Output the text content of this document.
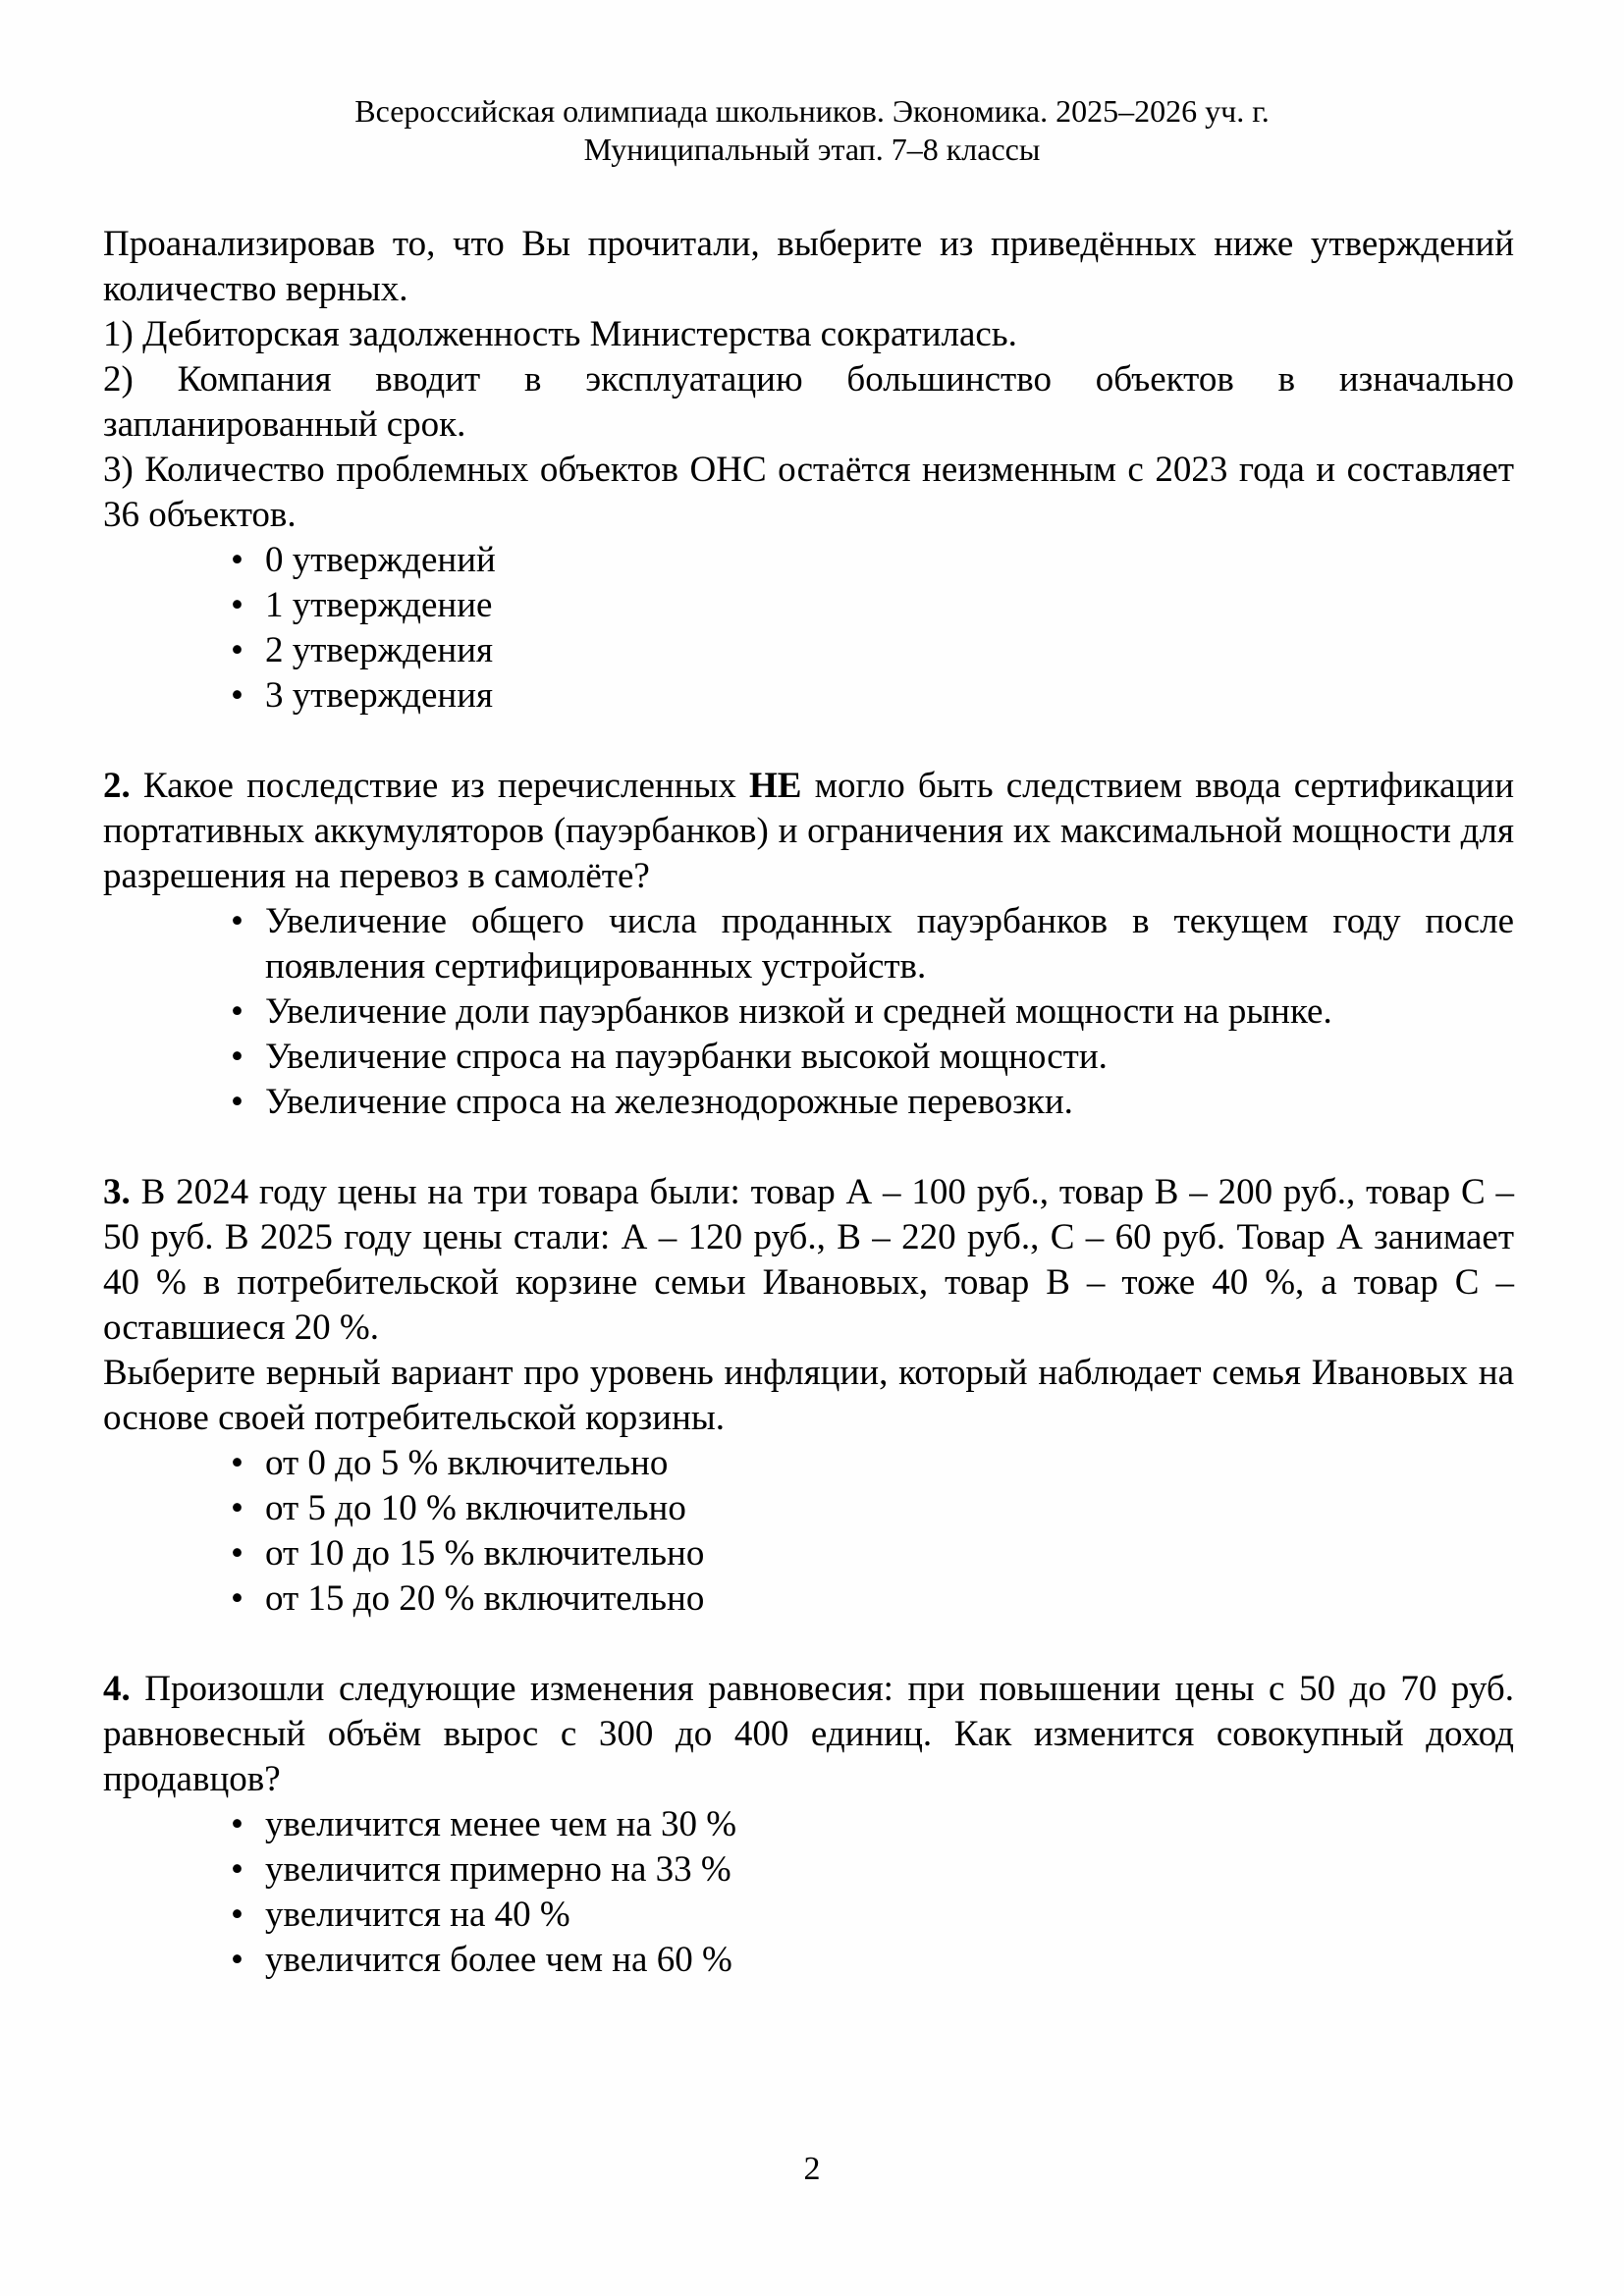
Всероссийская олимпиада школьников. Экономика. 2025–2026 уч. г.
Муниципальный этап. 7–8 классы

Проанализировав то, что Вы прочитали, выберите из приведённых ниже утверждений количество верных.

1) Дебиторская задолженность Министерства сократилась.

2) Компания вводит в эксплуатацию большинство объектов в изначально запланированный срок.

3) Количество проблемных объектов ОНС остаётся неизменным с 2023 года и составляет 36 объектов.

• 0 утверждений
• 1 утверждение
• 2 утверждения
• 3 утверждения

2. Какое последствие из перечисленных НЕ могло быть следствием ввода сертификации портативных аккумуляторов (пауэрбанков) и ограничения их максимальной мощности для разрешения на перевоз в самолёте?

• Увеличение общего числа проданных пауэрбанков в текущем году после появления сертифицированных устройств.
• Увеличение доли пауэрбанков низкой и средней мощности на рынке.
• Увеличение спроса на пауэрбанки высокой мощности.
• Увеличение спроса на железнодорожные перевозки.

3. В 2024 году цены на три товара были: товар А – 100 руб., товар В – 200 руб., товар С – 50 руб. В 2025 году цены стали: А – 120 руб., В – 220 руб., С – 60 руб. Товар А занимает 40 % в потребительской корзине семьи Ивановых, товар В – тоже 40 %, а товар С – оставшиеся 20 %.

Выберите верный вариант про уровень инфляции, который наблюдает семья Ивановых на основе своей потребительской корзины.

• от 0 до 5 % включительно
• от 5 до 10 % включительно
• от 10 до 15 % включительно
• от 15 до 20 % включительно

4. Произошли следующие изменения равновесия: при повышении цены с 50 до 70 руб. равновесный объём вырос с 300 до 400 единиц. Как изменится совокупный доход продавцов?

• увеличится менее чем на 30 %
• увеличится примерно на 33 %
• увеличится на 40 %
• увеличится более чем на 60 %
2
